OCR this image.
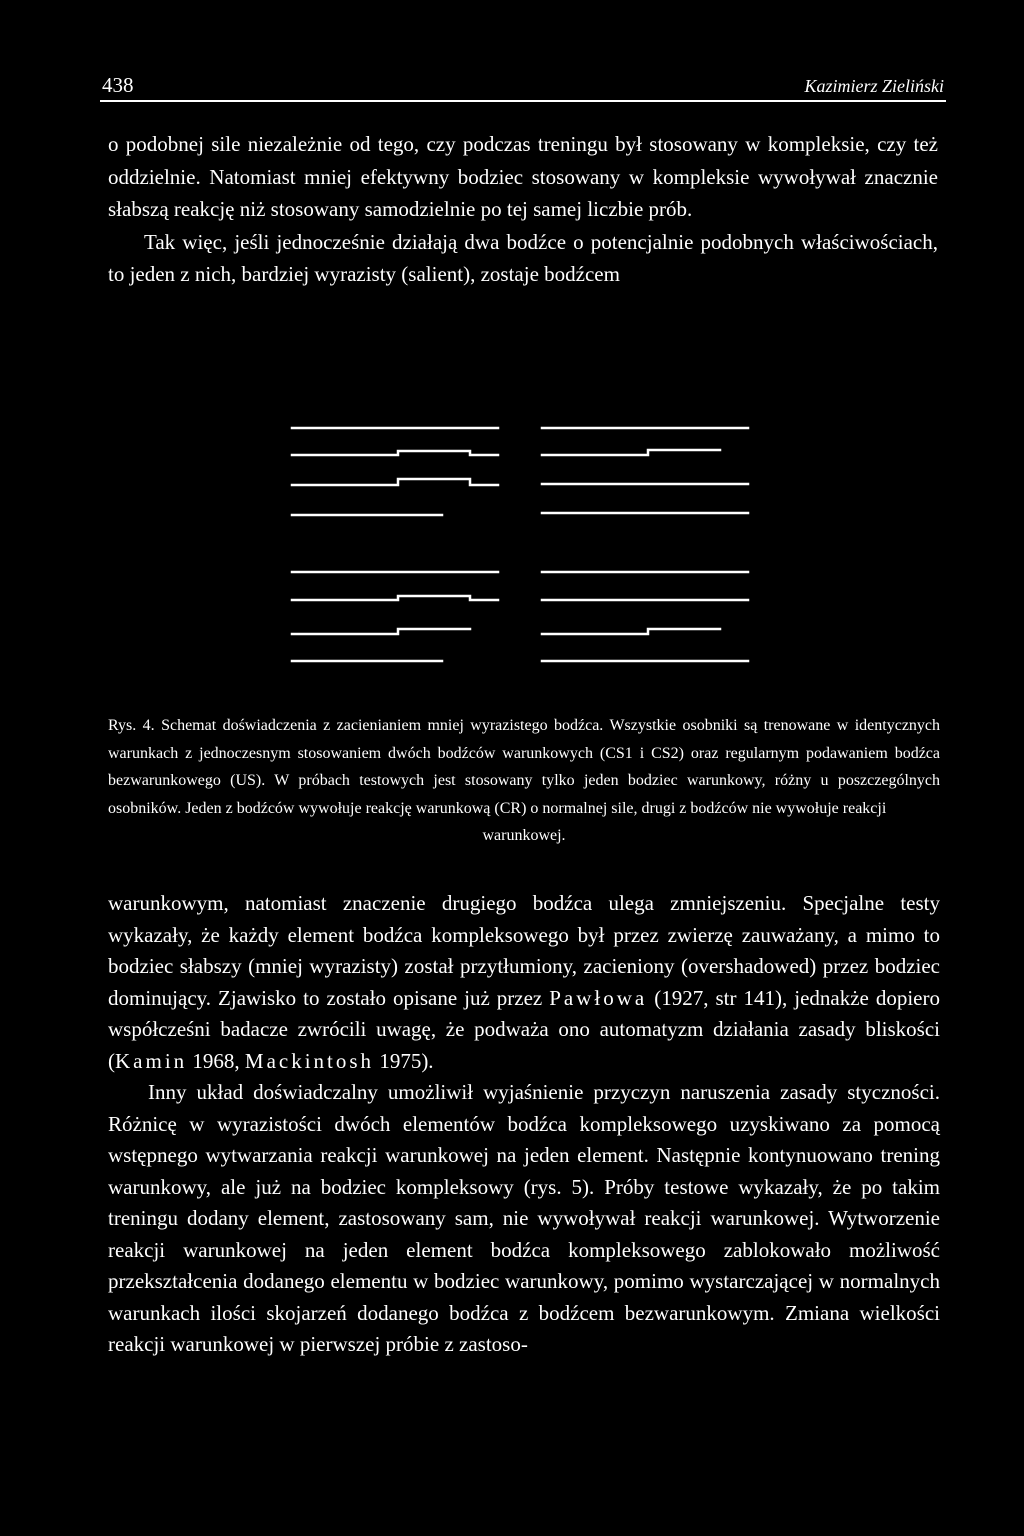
438	Kazimierz Zieliński

o podobnej sile niezależnie od tego, czy podczas treningu był stosowany w kompleksie, czy też oddzielnie. Natomiast mniej efektywny bodziec stosowany w kompleksie wywoływał znacznie słabszą reakcję niż stosowany samodzielnie po tej samej liczbie prób.

Tak więc, jeśli jednocześnie działają dwa bodźce o potencjalnie podobnych właściwościach, to jeden z nich, bardziej wyrazisty (salient), zostaje bodźcem

Rys. 4. Schemat doświadczenia z zacienianiem mniej wyrazistego bodźca. Wszystkie osobniki są trenowane w identycznych warunkach z jednoczesnym stosowaniem dwóch bodźców warunkowych (CS1 i CS2) oraz regularnym podawaniem bodźca bezwarunkowego (US). W próbach testowych jest stosowany tylko jeden bodziec warunkowy, różny u poszczególnych osobników. Jeden z bodźców wywołuje reakcję warunkową (CR) o normalnej sile, drugi z bodźców nie wywołuje reakcji

warunkowej.

warunkowym, natomiast znaczenie drugiego bodźca ulega zmniejszeniu. Specjalne testy wykazały, że każdy element bodźca kompleksowego był przez zwierzę zauważany, a mimo to bodziec słabszy (mniej wyrazisty) został przytłumiony, zacieniony (overshadowed) przez bodziec dominujący. Zjawisko to zostało opisane już przez Pawłowa (1927, str 141), jednakże dopiero współcześni badacze zwrócili uwagę, że podważa ono automatyzm działania zasady bliskości (Kamin 1968, Mackintosh 1975).

Inny układ doświadczalny umożliwił wyjaśnienie przyczyn naruszenia zasady styczności. Różnicę w wyrazistości dwóch elementów bodźca kompleksowego uzyskiwano za pomocą wstępnego wytwarzania reakcji warunkowej na jeden element. Następnie kontynuowano trening warunkowy, ale już na bodziec kompleksowy (rys. 5). Próby testowe wykazały, że po takim treningu dodany element, zastosowany sam, nie wywoływał reakcji warunkowej. Wytworzenie reakcji warunkowej na jeden element bodźca kompleksowego zablokowało możliwość przekształcenia dodanego elementu w bodziec warunkowy, pomimo wystarczającej w normalnych warunkach ilości skojarzeń dodanego bodźca z bodźcem bezwarunkowym. Zmiana wielkości reakcji warunkowej w pierwszej próbie z zastoso-
